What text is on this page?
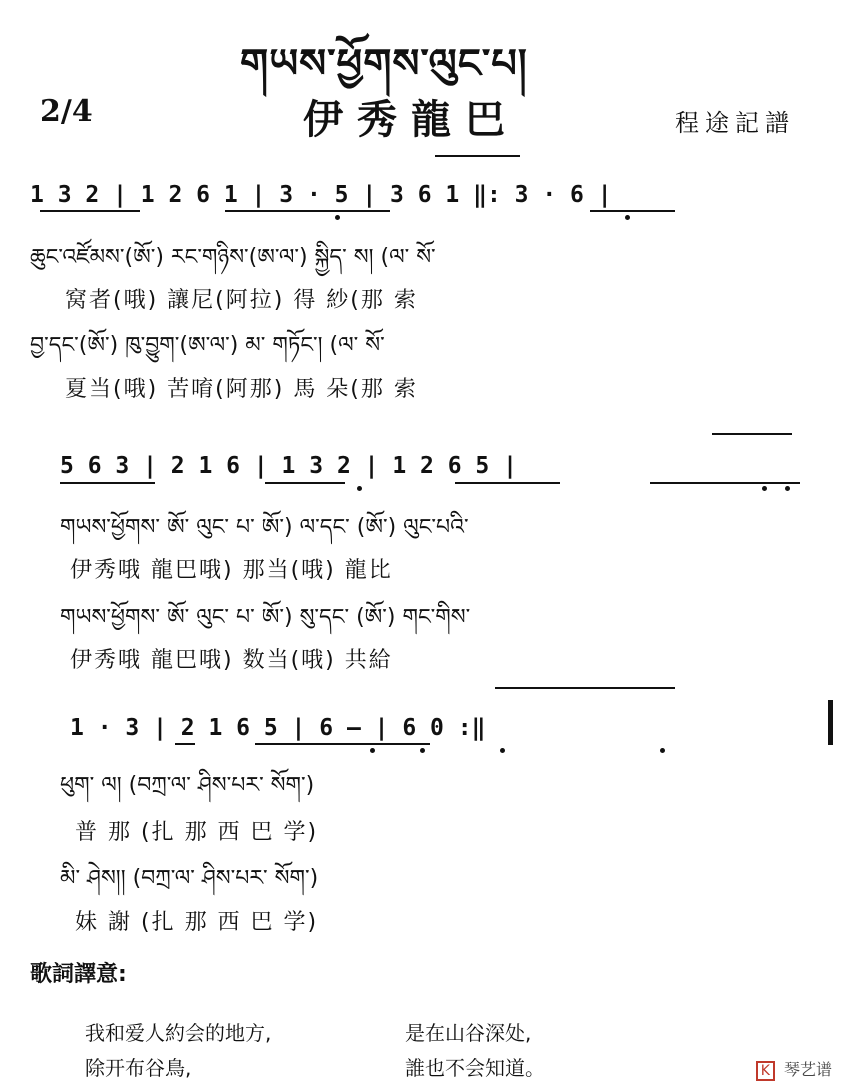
གཡས་ཕྱོགས་ལུང་པ།
2/4	伊秀龍巴	程途記譜
1 3 2 | 1 2 6 1 | 3 · 5 | 3 6 1 ‖: 3 · 6 |
ཆུང་འཛོམས་(ཨོ་) རང་གཉིས་(ཨ་ལ་) སྐྱིད་ ས། (ལ་ སོ་
窝者(哦) 讓尼(阿拉) 得 紗(那 索
བྱ་དང་(ཨོ་) ཁུ་བྱུག་(ཨ་ལ་) མ་ གཏོང་། (ལ་ སོ་
夏当(哦) 苦唷(阿那) 馬 朵(那 索
5 6 3 | 2 1 6 | 1 3 2 | 1 2 6 5 |
གཡས་ཕྱོགས་ ཨོ་ ལུང་ པ་ ཨོ་) ལ་དང་ (ཨོ་) ལུང་པའི་
伊秀哦 龍巴哦) 那当(哦) 龍比
གཡས་ཕྱོགས་ ཨོ་ ལུང་ པ་ ཨོ་) སུ་དང་ (ཨོ་) གང་གིས་
伊秀哦 龍巴哦) 数当(哦) 共給
1 · 3 | 2 1 6 5 | 6 — | 6 0 :‖
ཕུག་ ལ། (བཀྲ་ལ་ ཤིས་པར་ སོག་)
普 那 (扎 那 西 巴 学)
མི་ ཤེས།། (བཀྲ་ལ་ ཤིས་པར་ སོག་)
妹 謝 (扎 那 西 巴 学)
歌詞譯意:
我和爱人約会的地方,	是在山谷深处,
除开布谷鳥,	誰也不会知道。	K 琴艺谱
